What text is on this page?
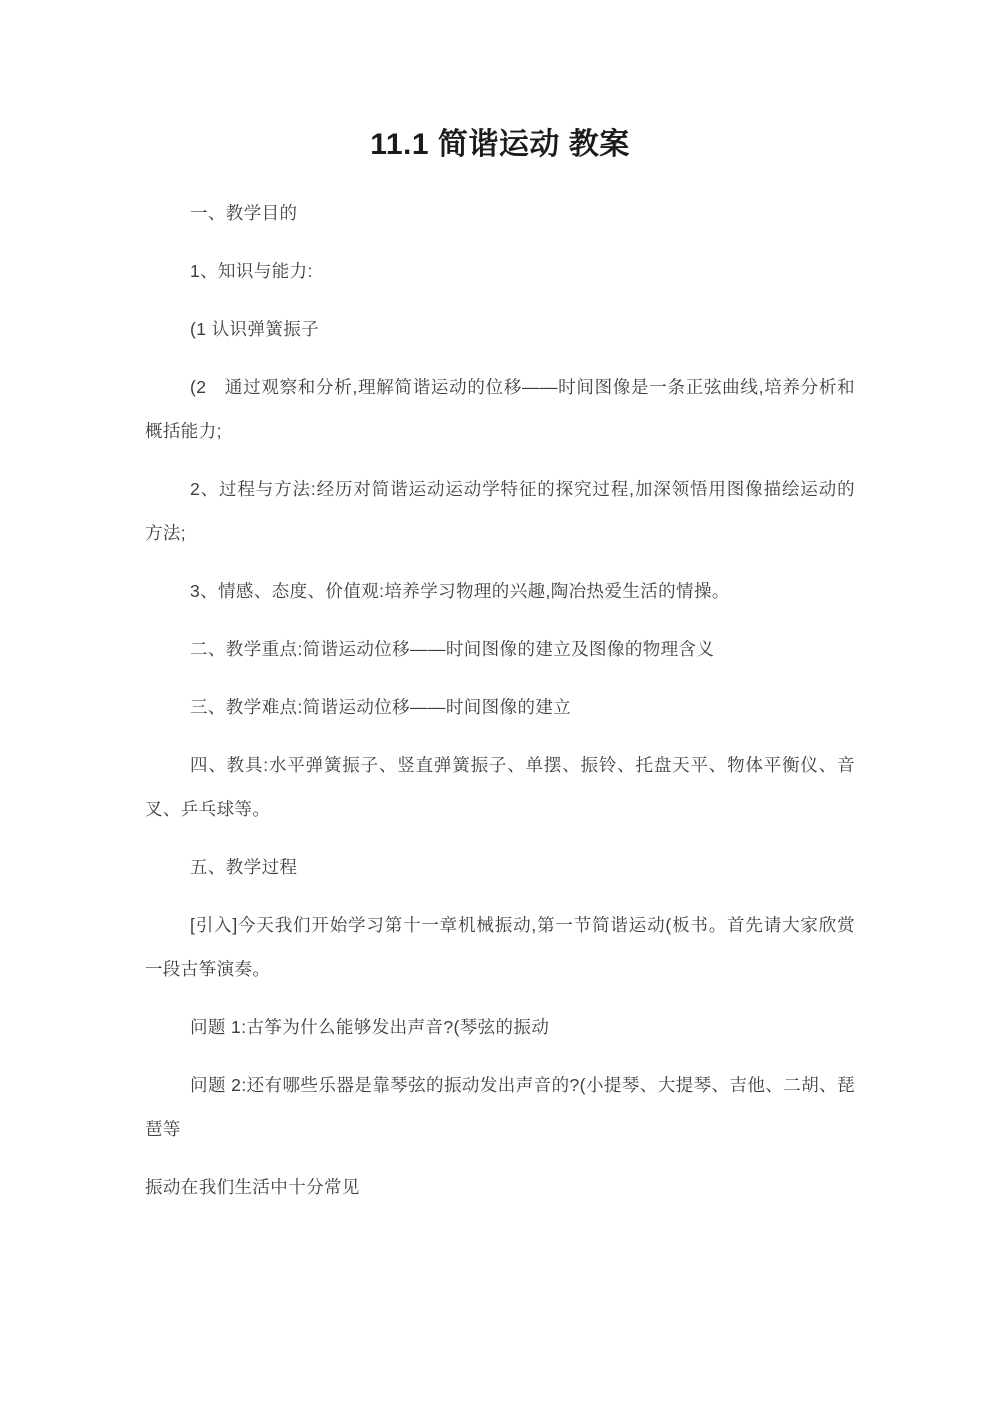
11.1 简谐运动 教案

一、教学目的

1、知识与能力:

(1 认识弹簧振子

(2　通过观察和分析,理解简谐运动的位移——时间图像是一条正弦曲线,培养分析和概括能力;

2、过程与方法:经历对简谐运动运动学特征的探究过程,加深领悟用图像描绘运动的方法;

3、情感、态度、价值观:培养学习物理的兴趣,陶冶热爱生活的情操。

二、教学重点:简谐运动位移——时间图像的建立及图像的物理含义

三、教学难点:简谐运动位移——时间图像的建立

四、教具:水平弹簧振子、竖直弹簧振子、单摆、振铃、托盘天平、物体平衡仪、音叉、乒乓球等。

五、教学过程

[引入]今天我们开始学习第十一章机械振动,第一节简谐运动(板书。首先请大家欣赏一段古筝演奏。

问题 1:古筝为什么能够发出声音?(琴弦的振动

问题 2:还有哪些乐器是靠琴弦的振动发出声音的?(小提琴、大提琴、吉他、二胡、琵琶等

振动在我们生活中十分常见
